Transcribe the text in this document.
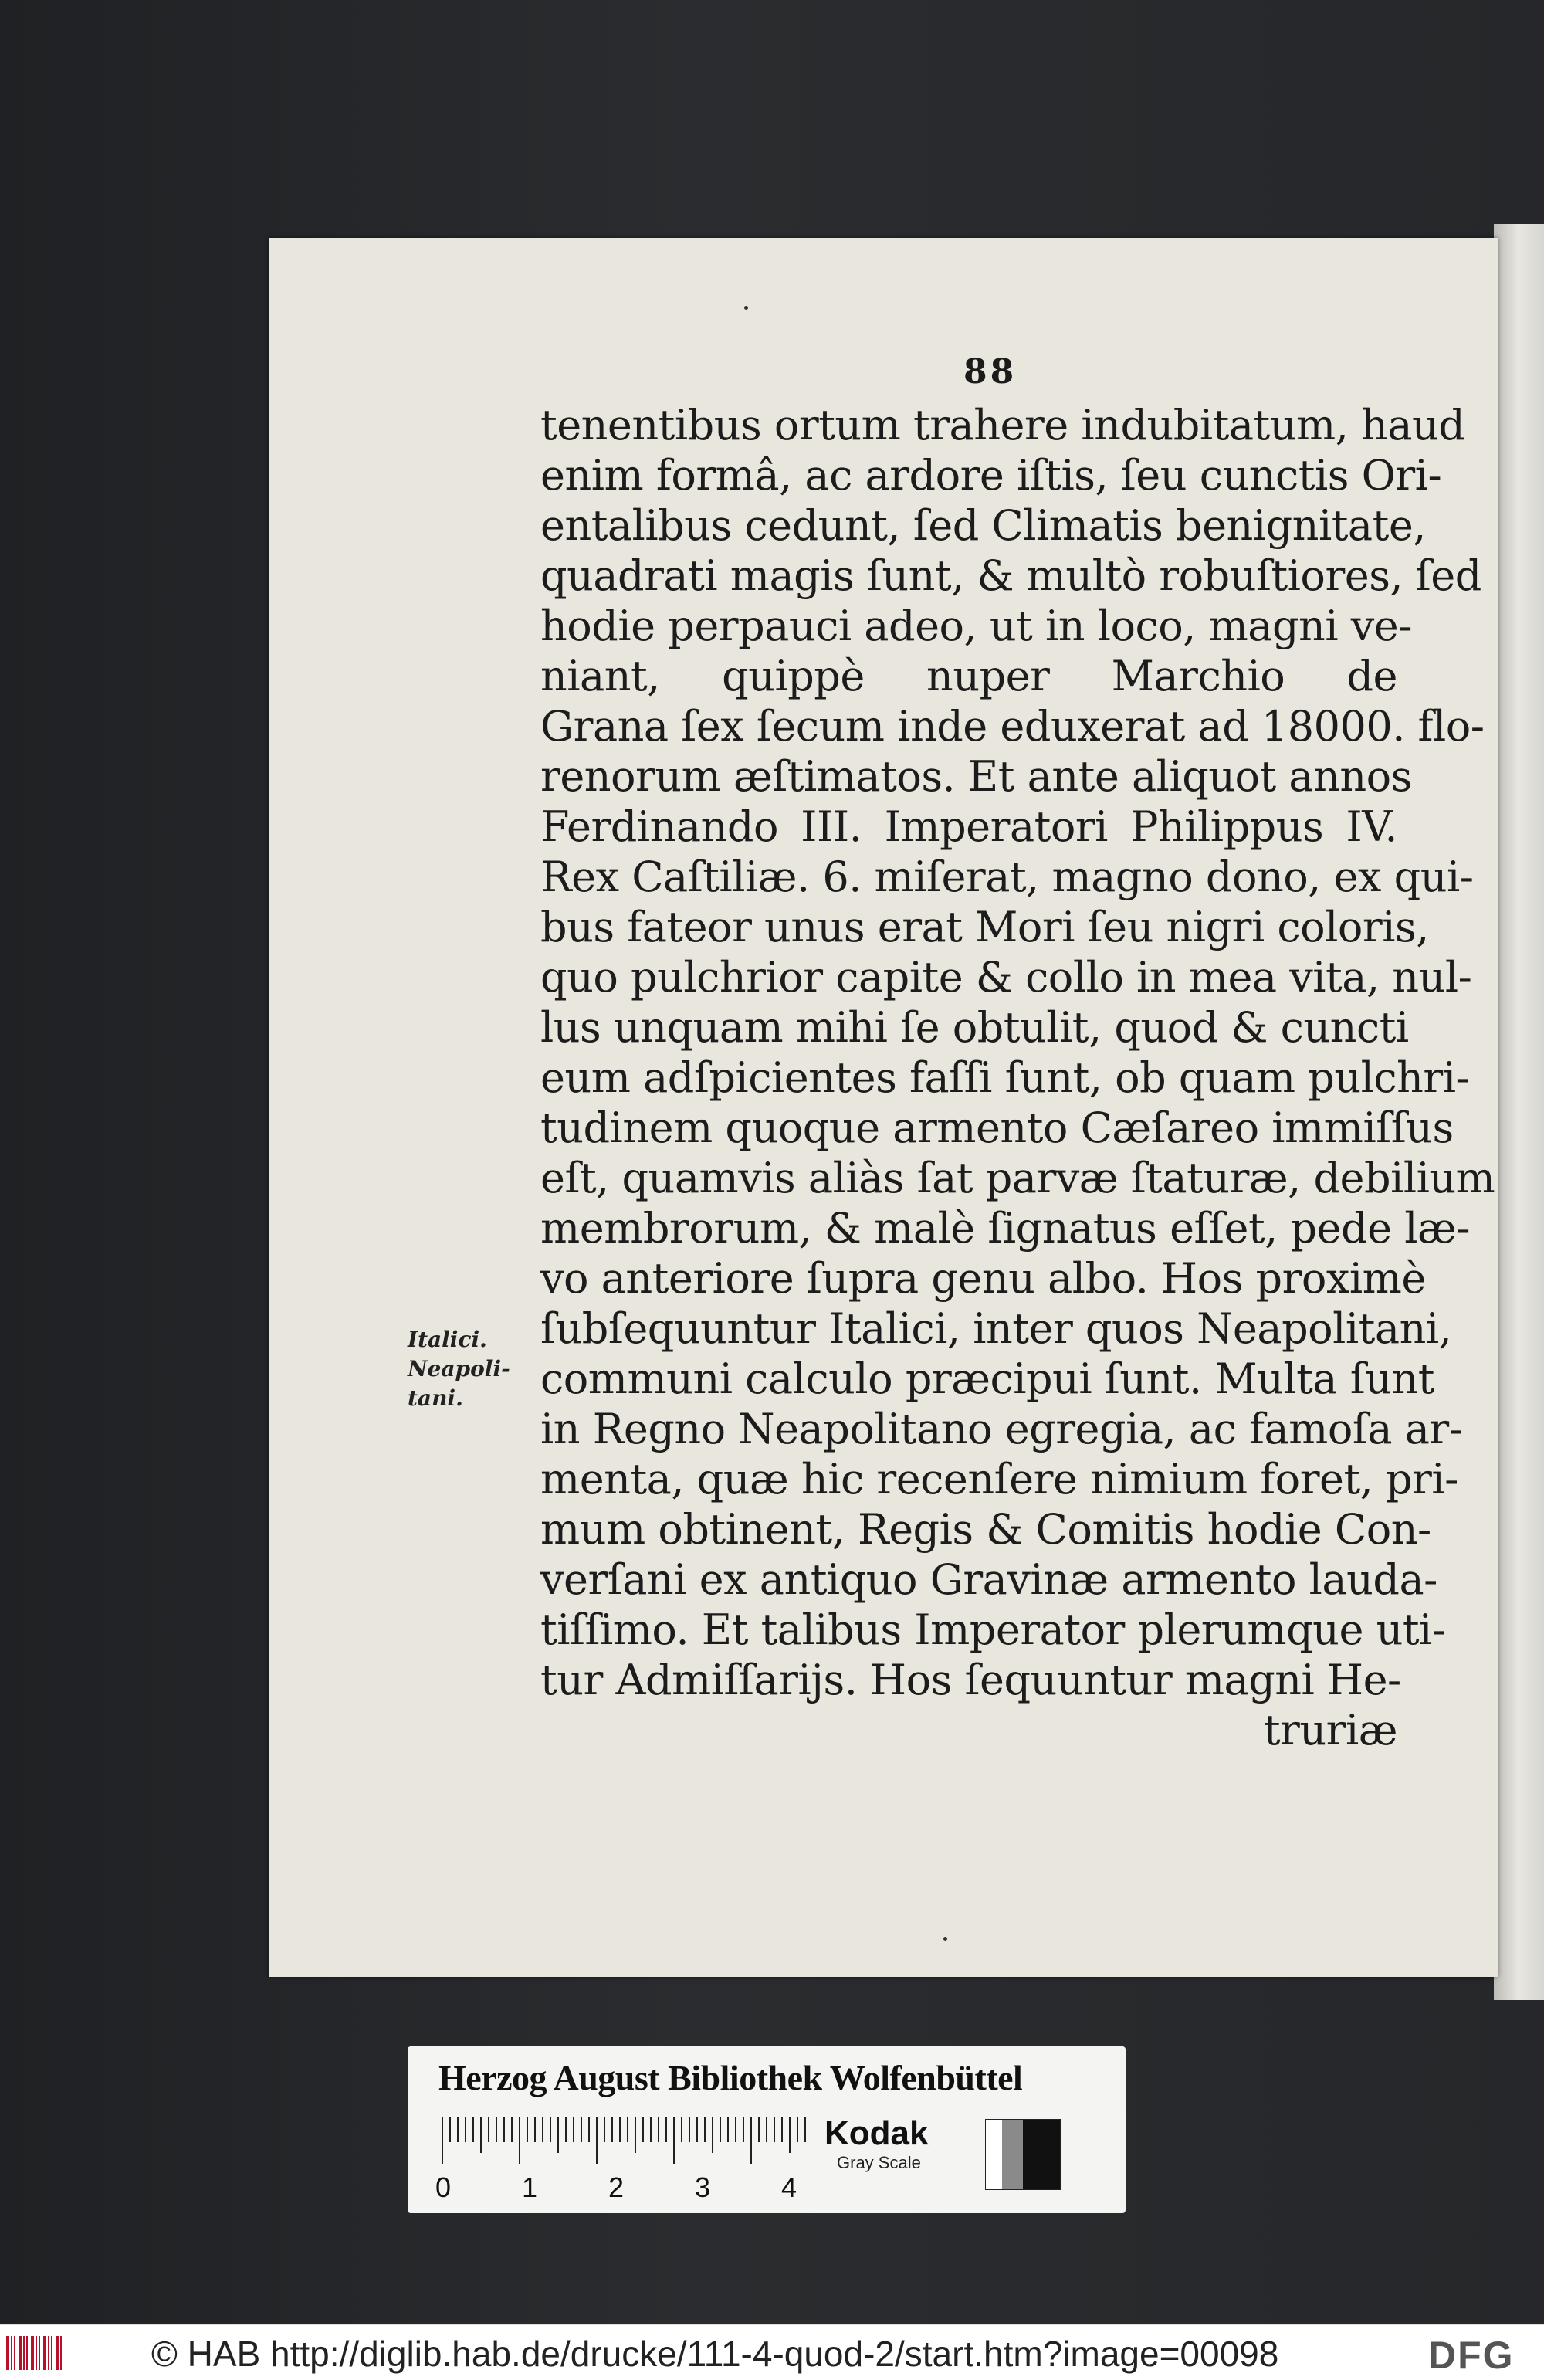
88
tenentibus ortum trahere indubitatum, haud
enim formâ, ac ardore iſtis, ſeu cunctis Ori-
entalibus cedunt, ſed Climatis benignitate,
quadrati magis ſunt, & multò robuſtiores, ſed
hodie perpauci adeo, ut in loco, magni ve-
niant, quippè nuper Marchio de
Grana ſex ſecum inde eduxerat ad 18000. flo-
renorum æſtimatos. Et ante aliquot annos
Ferdinando III. Imperatori Philippus IV.
Rex Caſtiliæ. 6. miſerat, magno dono, ex qui-
bus fateor unus erat Mori ſeu nigri coloris,
quo pulchrior capite & collo in mea vita, nul-
lus unquam mihi ſe obtulit, quod & cuncti
eum adſpicientes faſſi ſunt, ob quam pulchri-
tudinem quoque armento Cæſareo immiſſus
eſt, quamvis aliàs ſat parvæ ſtaturæ, debilium
membrorum, & malè ſignatus eſſet, pede læ-
vo anteriore ſupra genu albo. Hos proximè
ſubſequuntur Italici, inter quos Neapolitani,
communi calculo præcipui ſunt. Multa ſunt
in Regno Neapolitano egregia, ac famoſa ar-
menta, quæ hic recenſere nimium foret, pri-
mum obtinent, Regis & Comitis hodie Con-
verſani ex antiquo Gravinæ armento lauda-
tiſſimo. Et talibus Imperator plerumque uti-
tur Admiſſarijs. Hos ſequuntur magni He-
truriæ
Italici.
Neapoli-
tani.
Herzog August Bibliothek Wolfenbüttel
0	1	2	3	4
Kodak
Gray Scale
© HAB http://diglib.hab.de/drucke/111-4-quod-2/start.htm?image=00098	DFG
